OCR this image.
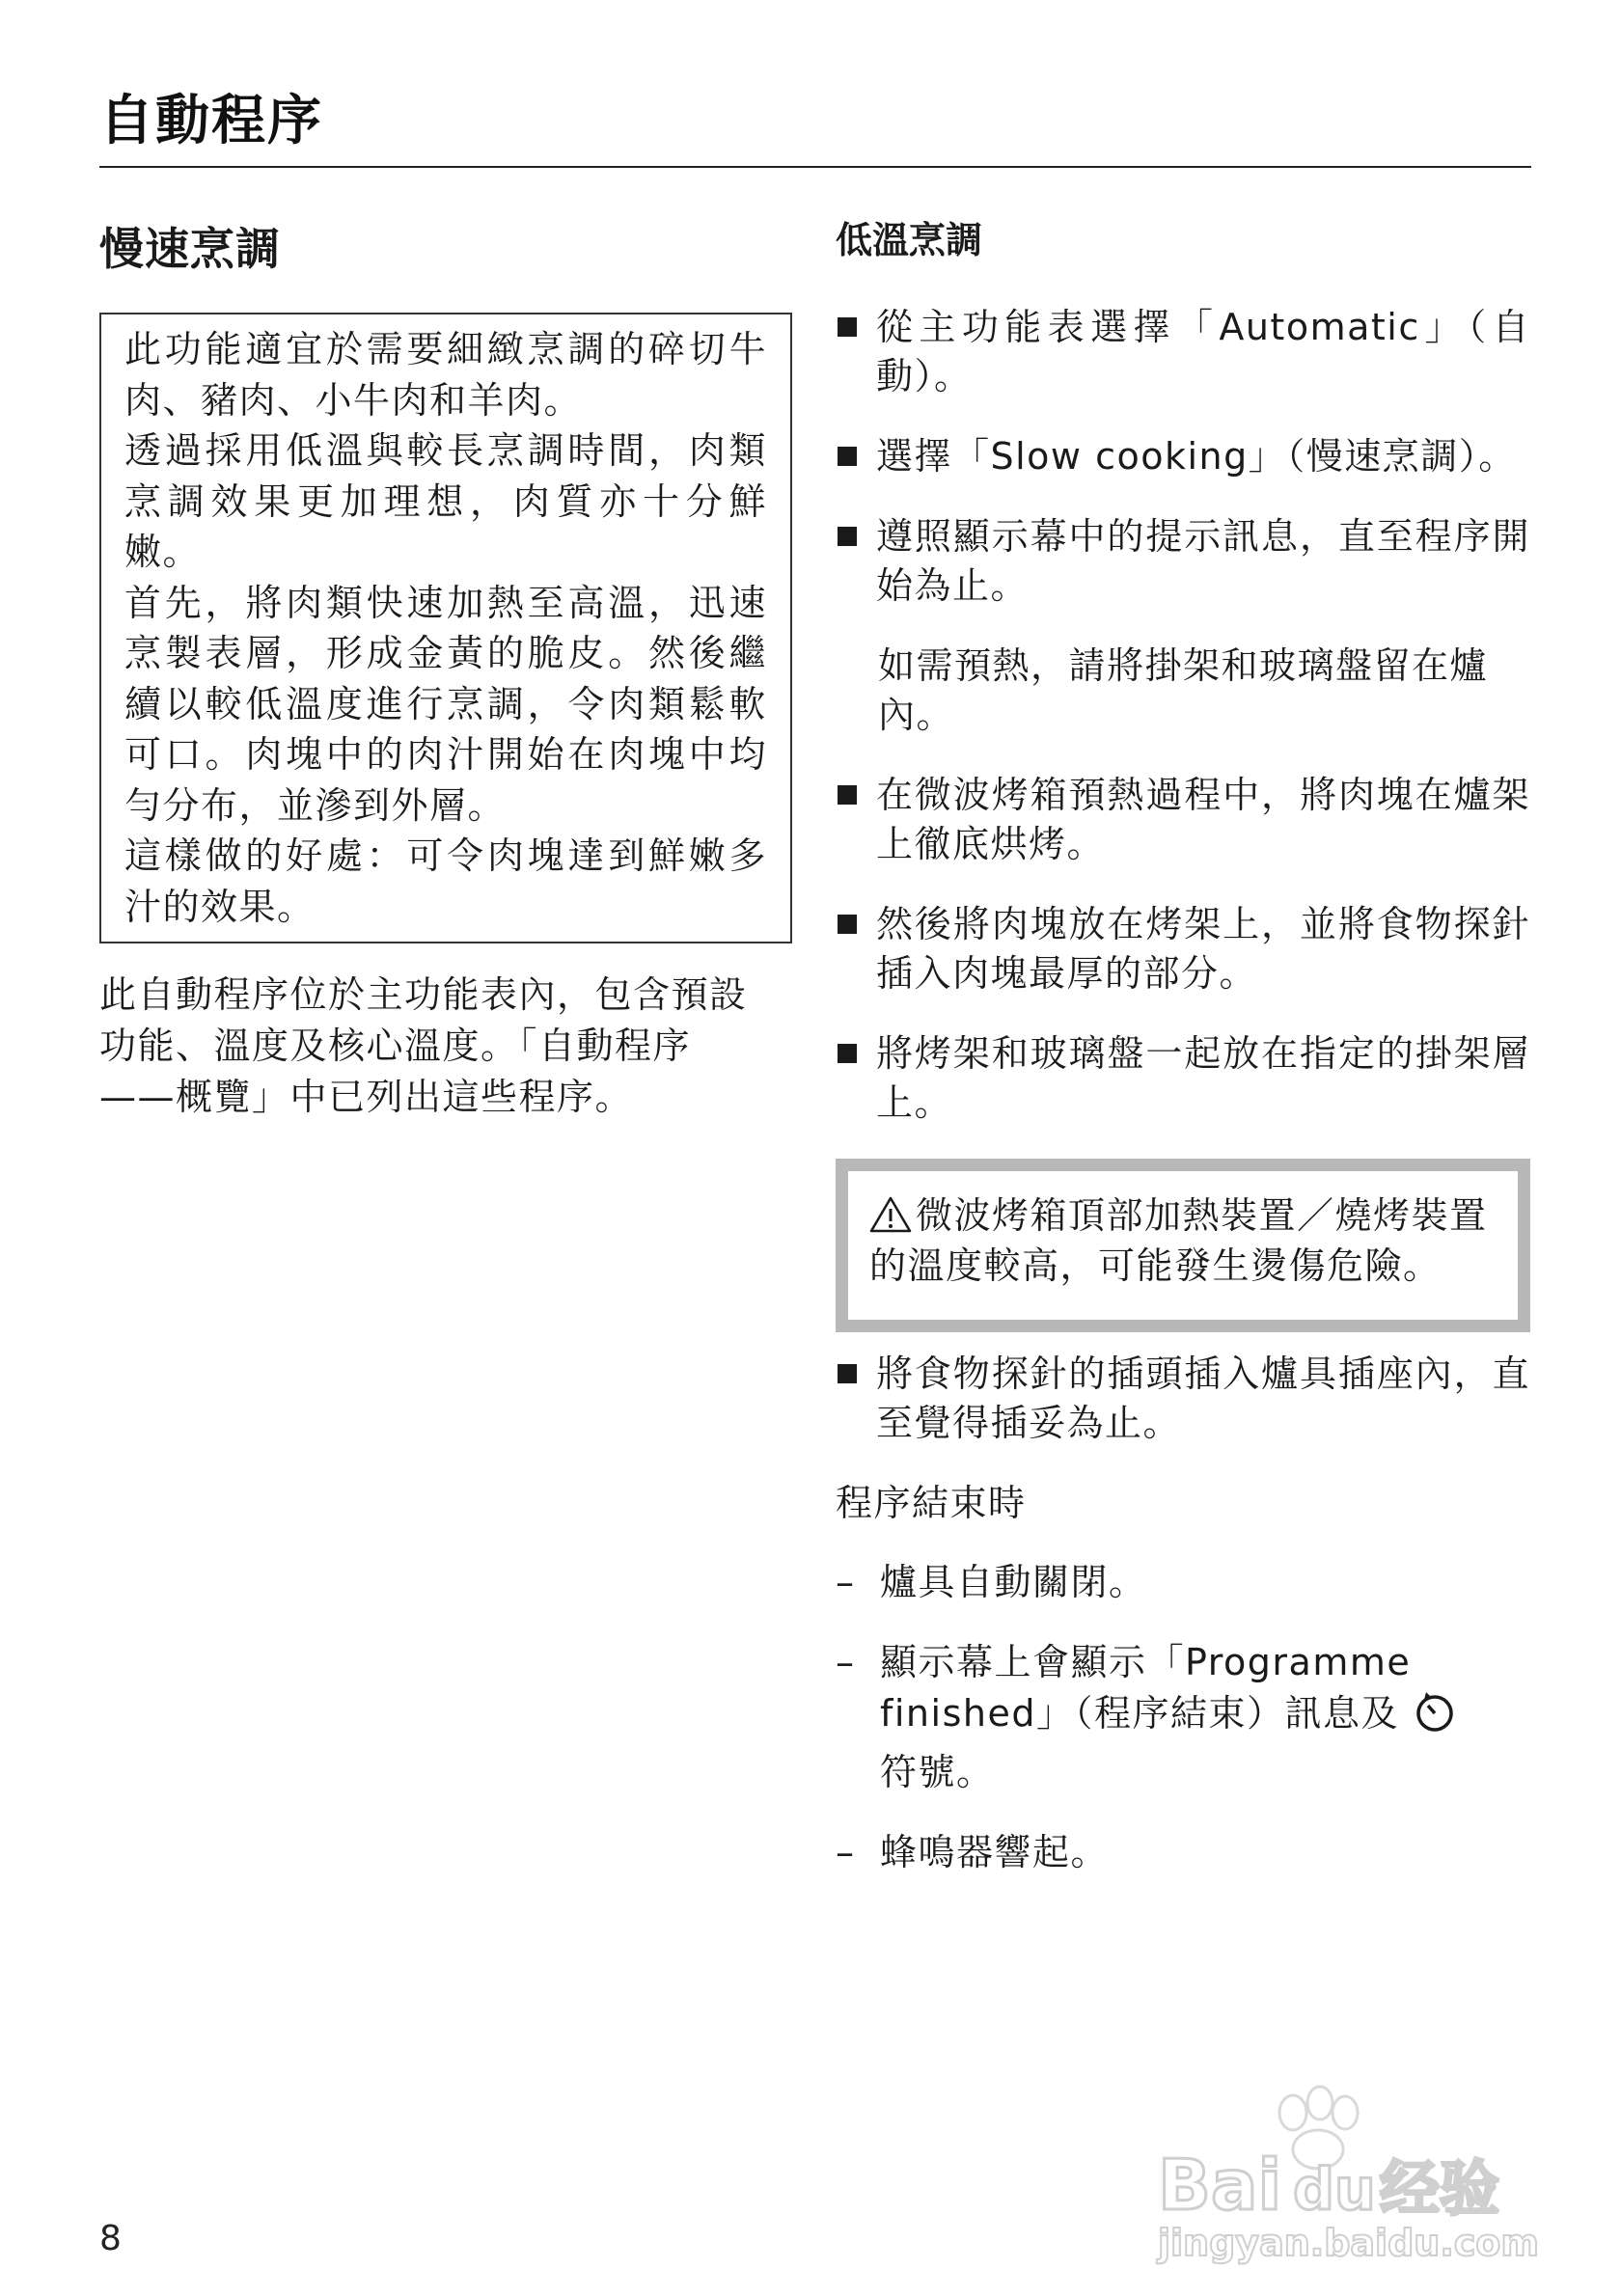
自動程序
慢速烹調

此功能適宜於需要細緻烹調的碎切牛肉、豬肉、小牛肉和羊肉。

透過採用低溫與較長烹調時間，肉類烹調效果更加理想，肉質亦十分鮮嫩。

首先，將肉類快速加熱至高溫，迅速烹製表層，形成金黃的脆皮。然後繼續以較低溫度進行烹調，令肉類鬆軟可口。肉塊中的肉汁開始在肉塊中均勻分布，並滲到外層。

這樣做的好處：可令肉塊達到鮮嫩多汁的效果。

此自動程序位於主功能表內，包含預設功能、溫度及核心溫度。「自動程序——概覽」中已列出這些程序。

低溫烹調
從主功能表選擇「Automatic」（自動）。
選擇「Slow cooking」（慢速烹調）。
遵照顯示幕中的提示訊息，直至程序開始為止。
如需預熱，請將掛架和玻璃盤留在爐內。
在微波烤箱預熱過程中，將肉塊在爐架上徹底烘烤。
然後將肉塊放在烤架上，並將食物探針插入肉塊最厚的部分。
將烤架和玻璃盤一起放在指定的掛架層上。
微波烤箱頂部加熱裝置／燒烤裝置的溫度較高，可能發生燙傷危險。
將食物探針的插頭插入爐具插座內，直至覺得插妥為止。
程序結束時
– 爐具自動關閉。
– 顯示幕上會顯示「Programme finished」（程序結束）訊息及
符號。
– 蜂鳴器響起。
8
Bai du 经验
jingyan.baidu.com
